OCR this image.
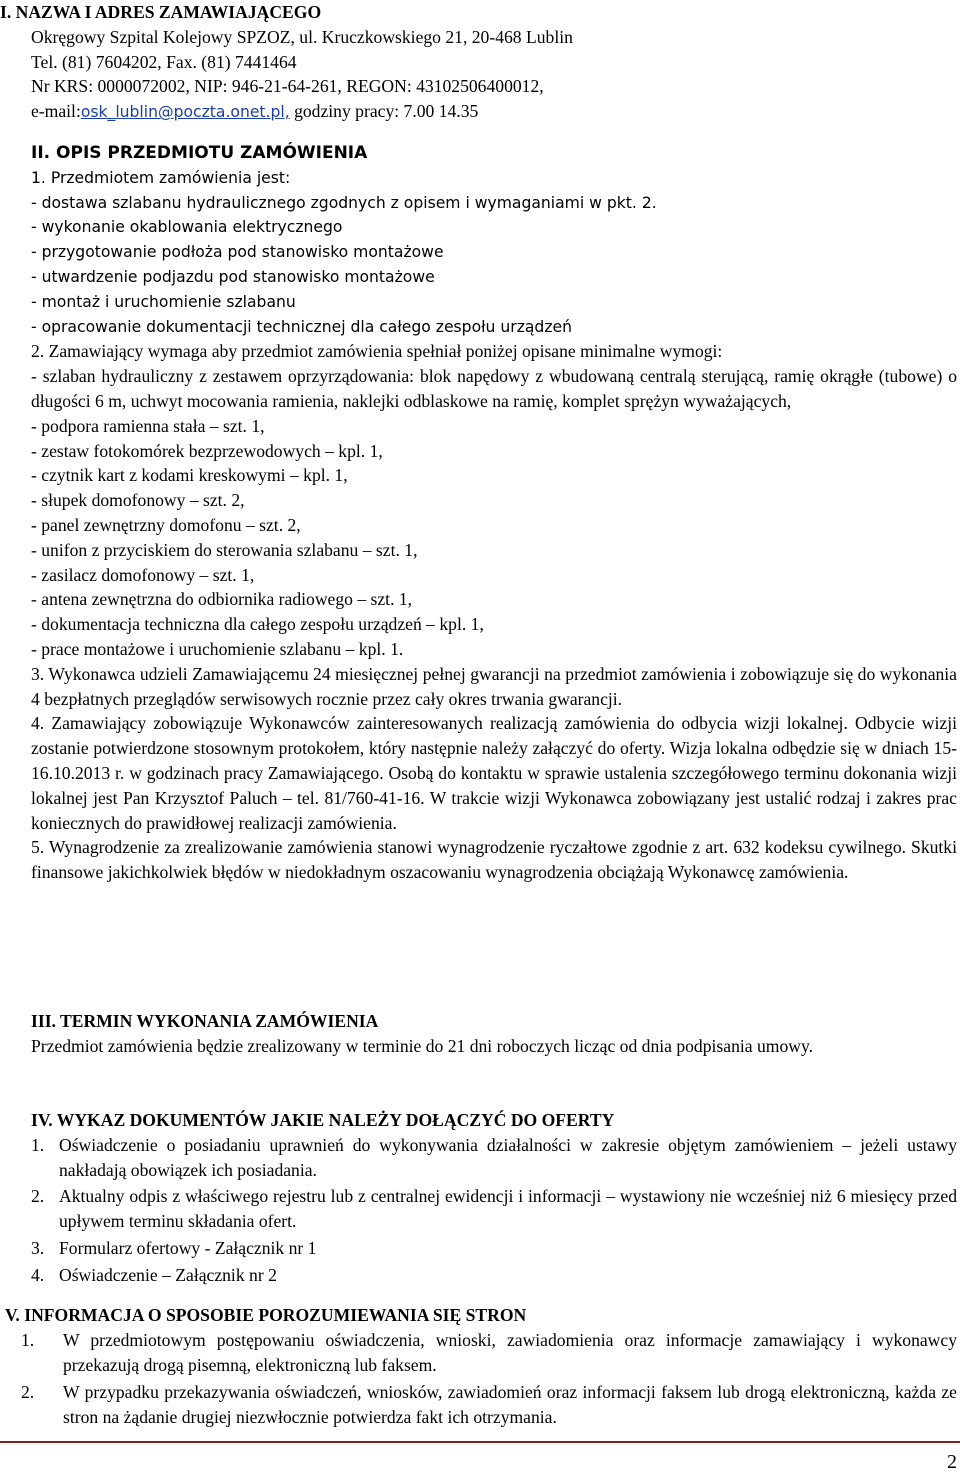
I. NAZWA I ADRES ZAMAWIAJĄCEGO

Okręgowy Szpital Kolejowy SPZOZ, ul. Kruczkowskiego 21, 20-468 Lublin

Tel. (81) 7604202, Fax. (81) 7441464

Nr KRS: 0000072002, NIP: 946-21-64-261, REGON: 43102506400012,

e-mail:osk_lublin@poczta.onet.pl, godziny pracy: 7.00 14.35

II. OPIS PRZEDMIOTU ZAMÓWIENIA

1. Przedmiotem zamówienia jest:

- dostawa szlabanu hydraulicznego zgodnych z opisem i wymaganiami w pkt. 2.

- wykonanie okablowania elektrycznego

- przygotowanie podłoża pod stanowisko montażowe

- utwardzenie podjazdu pod stanowisko montażowe

- montaż i uruchomienie szlabanu

- opracowanie dokumentacji technicznej dla całego zespołu urządzeń

2. Zamawiający wymaga aby przedmiot zamówienia spełniał poniżej opisane minimalne wymogi:

- szlaban hydrauliczny z zestawem oprzyrządowania: blok napędowy z wbudowaną centralą sterującą, ramię okrągłe (tubowe) o długości 6 m, uchwyt mocowania ramienia, naklejki odblaskowe na ramię, komplet sprężyn wyważających,

- podpora ramienna stała – szt. 1,

- zestaw fotokomórek bezprzewodowych – kpl. 1,

- czytnik kart z kodami kreskowymi – kpl. 1,

- słupek domofonowy – szt. 2,

- panel zewnętrzny domofonu – szt. 2,

- unifon z przyciskiem do sterowania szlabanu – szt. 1,

- zasilacz domofonowy – szt. 1,

- antena zewnętrzna do odbiornika radiowego – szt. 1,

- dokumentacja techniczna dla całego zespołu urządzeń – kpl. 1,

- prace montażowe i uruchomienie szlabanu – kpl. 1.

3. Wykonawca udzieli Zamawiającemu 24 miesięcznej pełnej gwarancji na przedmiot zamówienia i zobowiązuje się do wykonania 4 bezpłatnych przeglądów serwisowych rocznie przez cały okres trwania gwarancji.

4. Zamawiający zobowiązuje Wykonawców zainteresowanych realizacją zamówienia do odbycia wizji lokalnej. Odbycie wizji zostanie potwierdzone stosownym protokołem, który następnie należy załączyć do oferty. Wizja lokalna odbędzie się w dniach 15-16.10.2013 r. w godzinach pracy Zamawiającego. Osobą do kontaktu w sprawie ustalenia szczegółowego terminu dokonania wizji lokalnej jest Pan Krzysztof Paluch – tel. 81/760-41-16. W trakcie wizji Wykonawca zobowiązany jest ustalić rodzaj i zakres prac koniecznych do prawidłowej realizacji zamówienia.

5. Wynagrodzenie za zrealizowanie zamówienia stanowi wynagrodzenie ryczałtowe zgodnie z art. 632 kodeksu cywilnego. Skutki finansowe jakichkolwiek błędów w niedokładnym oszacowaniu wynagrodzenia obciążają Wykonawcę zamówienia.

III. TERMIN WYKONANIA ZAMÓWIENIA

Przedmiot zamówienia będzie zrealizowany w terminie do 21 dni roboczych licząc od dnia podpisania umowy.

IV. WYKAZ DOKUMENTÓW JAKIE NALEŻY DOŁĄCZYĆ DO OFERTY

1. Oświadczenie o posiadaniu uprawnień do wykonywania działalności w zakresie objętym zamówieniem – jeżeli ustawy nakładają obowiązek ich posiadania.
2. Aktualny odpis z właściwego rejestru lub z centralnej ewidencji i informacji – wystawiony nie wcześniej niż 6 miesięcy przed upływem terminu składania ofert.
3. Formularz ofertowy - Załącznik nr 1
4. Oświadczenie – Załącznik nr 2

V. INFORMACJA O SPOSOBIE POROZUMIEWANIA SIĘ STRON

1.	W przedmiotowym postępowaniu oświadczenia, wnioski, zawiadomienia oraz informacje zamawiający i wykonawcy przekazują drogą pisemną, elektroniczną lub faksem.
2.	W przypadku przekazywania oświadczeń, wniosków, zawiadomień oraz informacji faksem lub drogą elektroniczną, każda ze stron na żądanie drugiej niezwłocznie potwierdza fakt ich otrzymania.
2
